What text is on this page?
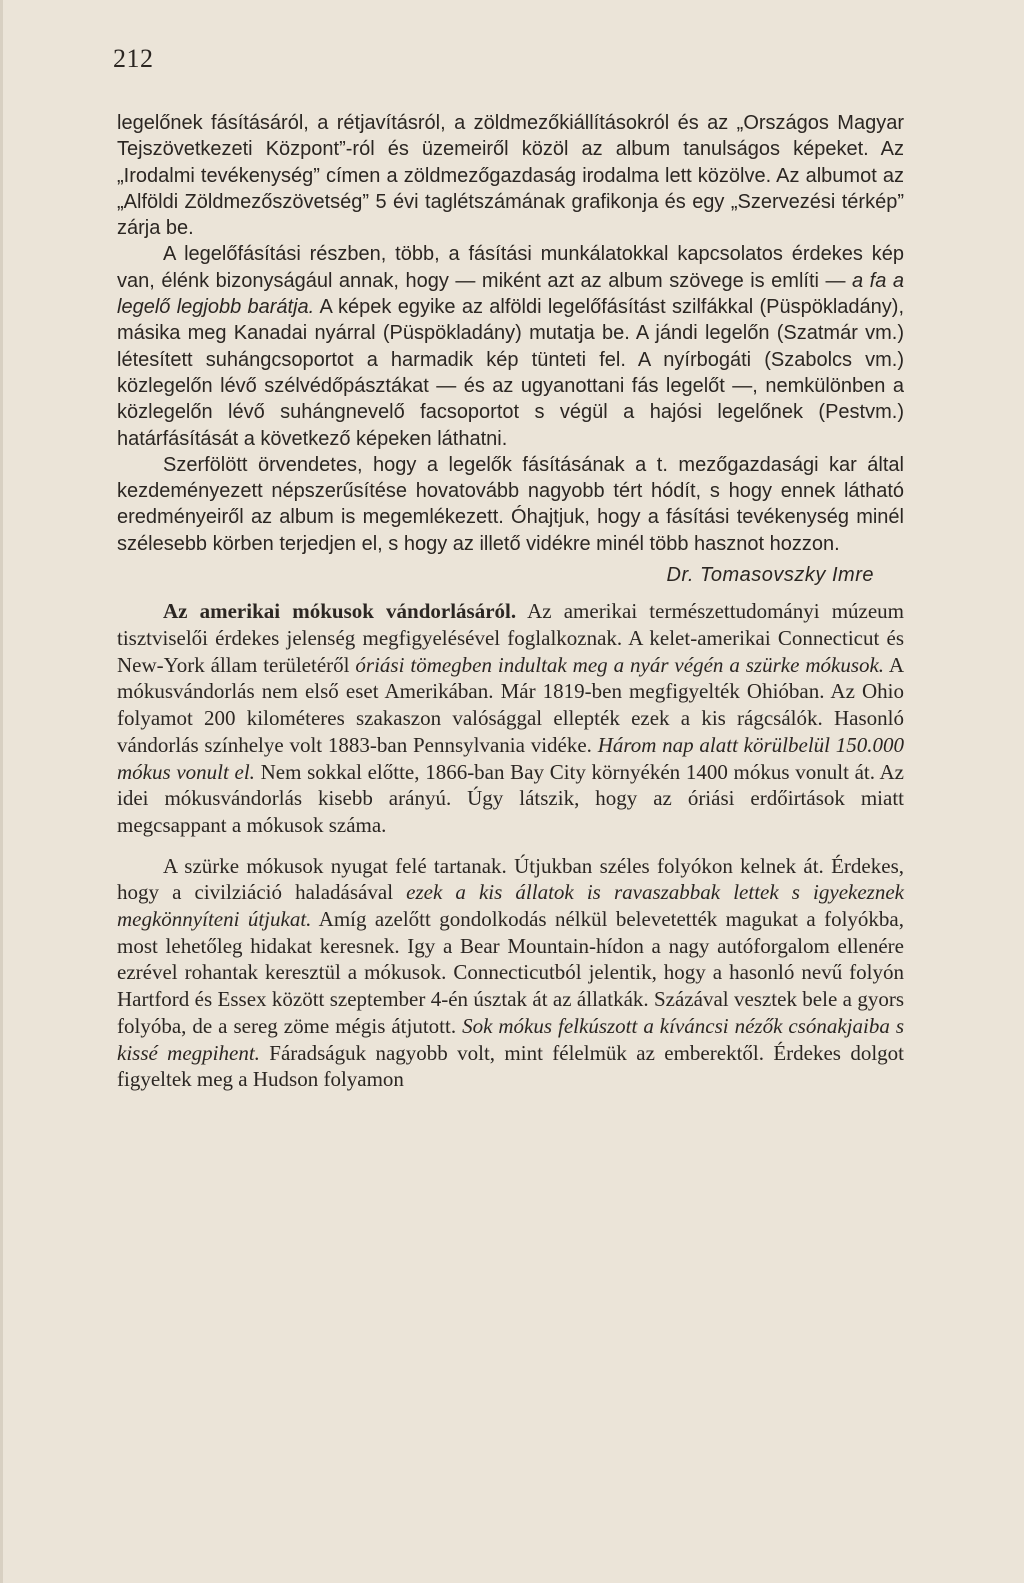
212

legelőnek fásításáról, a rétjavításról, a zöldmezőkiállításokról és az „Országos Magyar Tejszövetkezeti Központ”-ról és üzemeiről közöl az album tanulságos képeket. Az „Irodalmi tevékenység” címen a zöldmezőgazdaság irodalma lett közölve. Az albumot az „Alföldi Zöldmezőszövetség” 5 évi taglétszámának grafikonja és egy „Szervezési térkép” zárja be.

A legelőfásítási részben, több, a fásítási munkálatokkal kapcsolatos érdekes kép van, élénk bizonyságául annak, hogy — miként azt az album szövege is említi — a fa a legelő legjobb barátja. A képek egyike az alföldi legelőfásítást szilfákkal (Püspökladány), másika meg Kanadai nyárral (Püspökladány) mutatja be. A jándi legelőn (Szatmár vm.) létesített suhángcsoportot a harmadik kép tünteti fel. A nyírbogáti (Szabolcs vm.) közlegelőn lévő szélvédőpásztákat — és az ugyanottani fás legelőt —, nemkülönben a közlegelőn lévő suhángnevelő facsoportot s végül a hajósi legelőnek (Pestvm.) határfásítását a következő képeken láthatni.

Szerfölött örvendetes, hogy a legelők fásításának a t. mezőgazdasági kar által kezdeményezett népszerűsítése hovatovább nagyobb tért hódít, s hogy ennek látható eredményeiről az album is megemlékezett. Óhajtjuk, hogy a fásítási tevékenység minél szélesebb körben terjedjen el, s hogy az illető vidékre minél több hasznot hozzon.

Dr. Tomasovszky Imre

Az amerikai mókusok vándorlásáról. Az amerikai természettudományi múzeum tisztviselői érdekes jelenség megfigyelésével foglalkoznak. A kelet-amerikai Connecticut és New-York állam területéről óriási tömegben indultak meg a nyár végén a szürke mókusok. A mókusvándorlás nem első eset Amerikában. Már 1819-ben megfigyelték Ohióban. Az Ohio folyamot 200 kilométeres szakaszon valósággal ellepték ezek a kis rágcsálók. Hasonló vándorlás színhelye volt 1883-ban Pennsylvania vidéke. Három nap alatt körülbelül 150.000 mókus vonult el. Nem sokkal előtte, 1866-ban Bay City környékén 1400 mókus vonult át. Az idei mókusvándorlás kisebb arányú. Úgy látszik, hogy az óriási erdőirtások miatt megcsappant a mókusok száma.

A szürke mókusok nyugat felé tartanak. Útjukban széles folyókon kelnek át. Érdekes, hogy a civilziáció haladásával ezek a kis állatok is ravaszabbak lettek s igyekeznek megkönnyíteni útjukat. Amíg azelőtt gondolkodás nélkül belevetették magukat a folyókba, most lehetőleg hidakat keresnek. Igy a Bear Mountain-hídon a nagy autóforgalom ellenére ezrével rohantak keresztül a mókusok. Connecticutból jelentik, hogy a hasonló nevű folyón Hartford és Essex között szeptember 4-én úsztak át az állatkák. Százával vesztek bele a gyors folyóba, de a sereg zöme mégis átjutott. Sok mókus felkúszott a kíváncsi nézők csónakjaiba s kissé megpihent. Fáradságuk nagyobb volt, mint félelmük az emberektől. Érdekes dolgot figyeltek meg a Hudson folyamon
